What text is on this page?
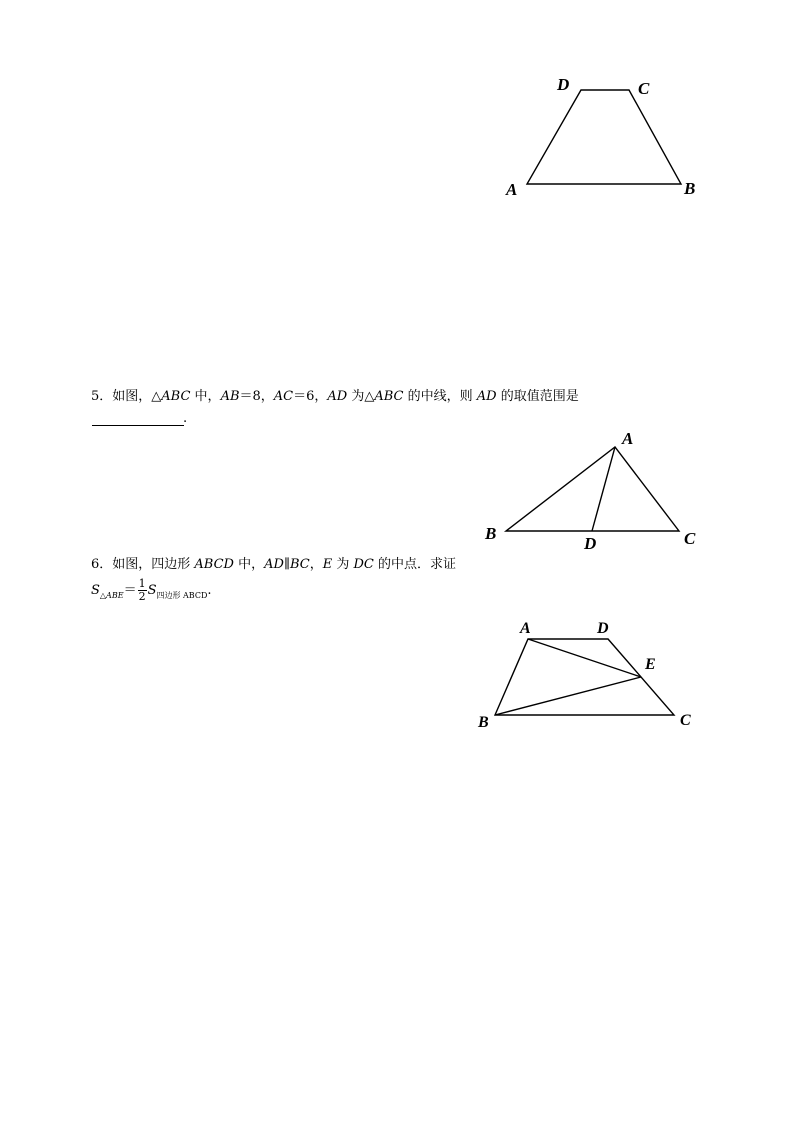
D	C
A	B
5．如图，△ABC 中，AB＝8，AC＝6，AD 为△ABC 的中线，则 AD 的取值范围是
.
A
B	C
D
6．如图，四边形 ABCD 中，AD∥BC，E 为 DC 的中点．求证
$S_{\triangle ABE}= \frac{1}{2} S_{四边形 ABCD}$.
A	D
E
B	C
